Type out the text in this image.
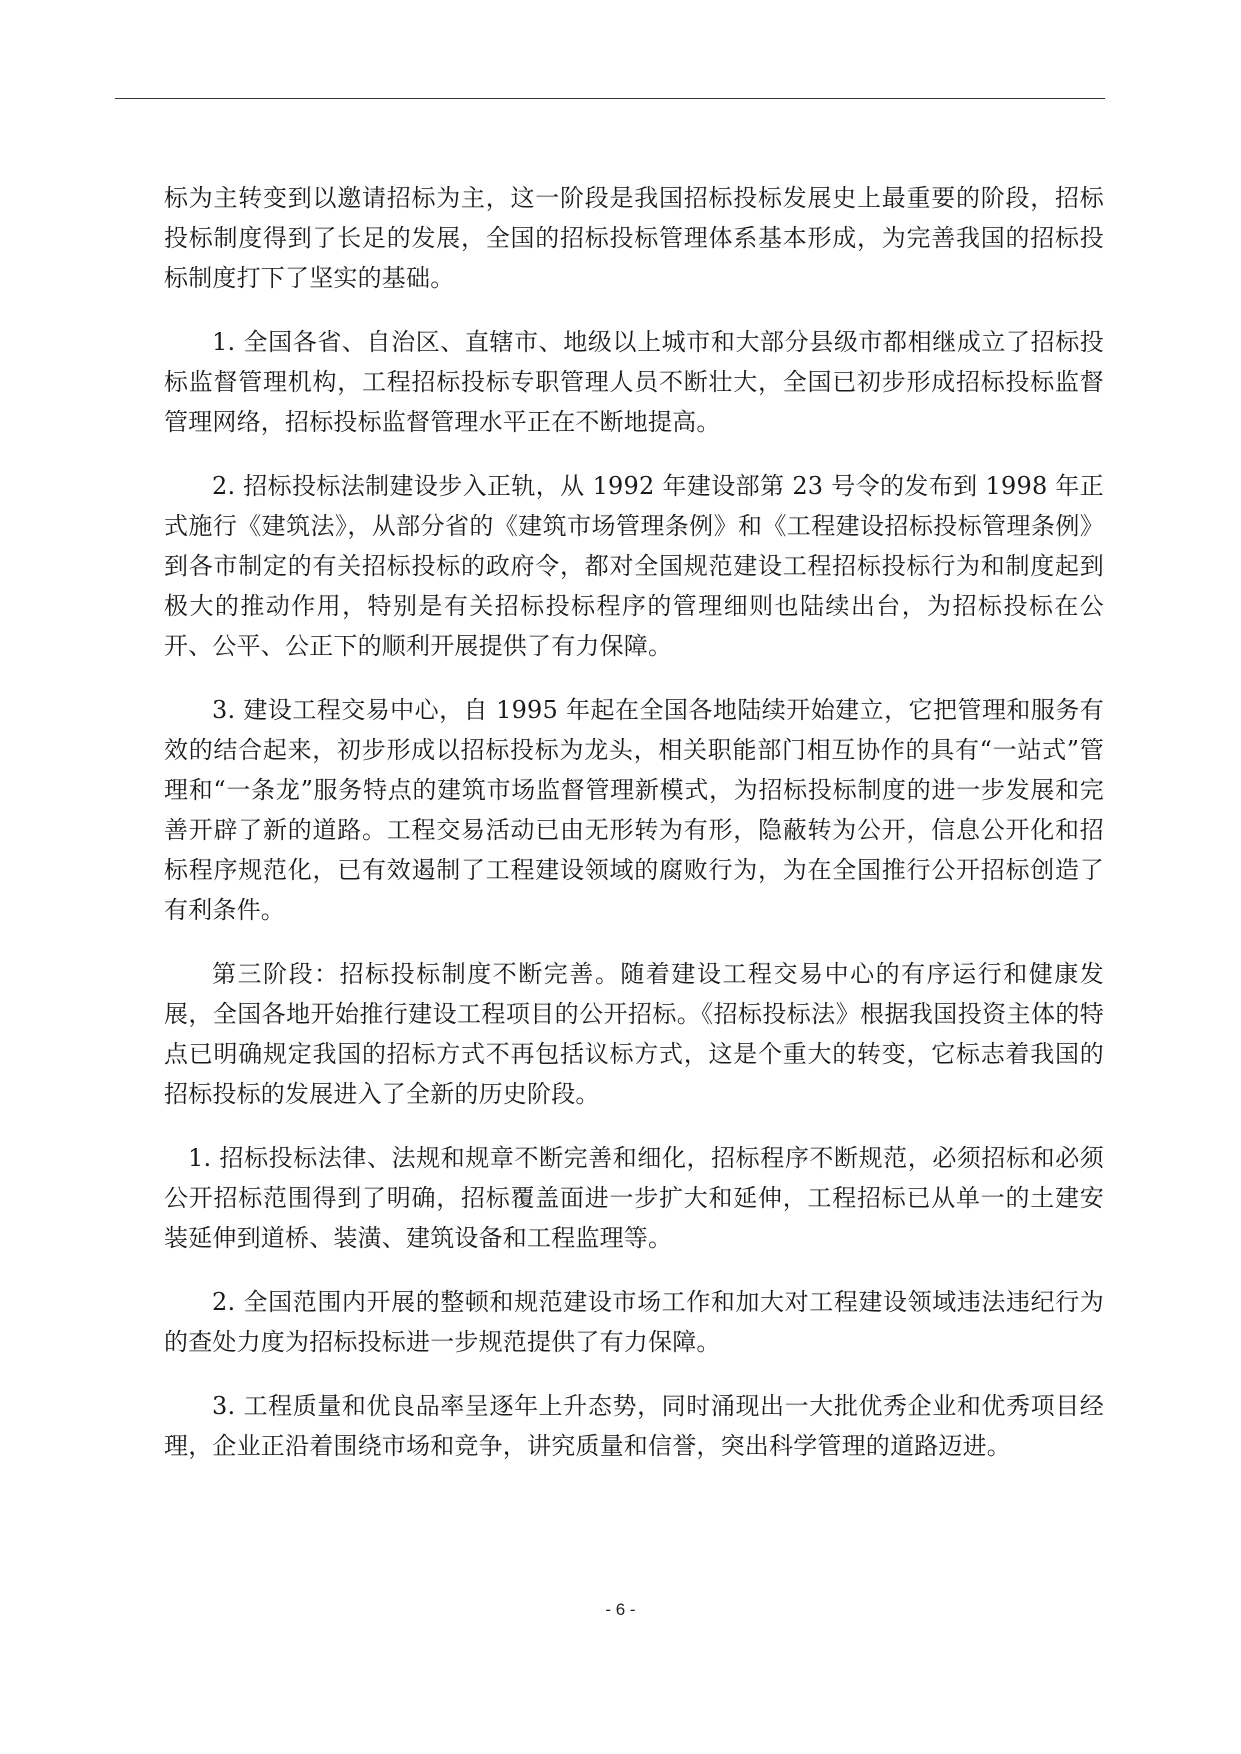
标为主转变到以邀请招标为主，这一阶段是我国招标投标发展史上最重要的阶段，招标投标制度得到了长足的发展，全国的招标投标管理体系基本形成，为完善我国的招标投标制度打下了坚实的基础。

1. 全国各省、自治区、直辖市、地级以上城市和大部分县级市都相继成立了招标投标监督管理机构，工程招标投标专职管理人员不断壮大，全国已初步形成招标投标监督管理网络，招标投标监督管理水平正在不断地提高。

2. 招标投标法制建设步入正轨，从 1992 年建设部第 23 号令的发布到 1998 年正式施行《建筑法》，从部分省的《建筑市场管理条例》和《工程建设招标投标管理条例》到各市制定的有关招标投标的政府令，都对全国规范建设工程招标投标行为和制度起到极大的推动作用，特别是有关招标投标程序的管理细则也陆续出台，为招标投标在公开、公平、公正下的顺利开展提供了有力保障。

3. 建设工程交易中心，自 1995 年起在全国各地陆续开始建立，它把管理和服务有效的结合起来，初步形成以招标投标为龙头，相关职能部门相互协作的具有“一站式”管理和“一条龙”服务特点的建筑市场监督管理新模式，为招标投标制度的进一步发展和完善开辟了新的道路。工程交易活动已由无形转为有形，隐蔽转为公开，信息公开化和招标程序规范化，已有效遏制了工程建设领域的腐败行为，为在全国推行公开招标创造了有利条件。

第三阶段：招标投标制度不断完善。随着建设工程交易中心的有序运行和健康发展，全国各地开始推行建设工程项目的公开招标。《招标投标法》根据我国投资主体的特点已明确规定我国的招标方式不再包括议标方式，这是个重大的转变，它标志着我国的招标投标的发展进入了全新的历史阶段。

1. 招标投标法律、法规和规章不断完善和细化，招标程序不断规范，必须招标和必须公开招标范围得到了明确，招标覆盖面进一步扩大和延伸，工程招标已从单一的土建安装延伸到道桥、装潢、建筑设备和工程监理等。

2. 全国范围内开展的整顿和规范建设市场工作和加大对工程建设领域违法违纪行为的查处力度为招标投标进一步规范提供了有力保障。

3. 工程质量和优良品率呈逐年上升态势，同时涌现出一大批优秀企业和优秀项目经理，企业正沿着围绕市场和竞争，讲究质量和信誉，突出科学管理的道路迈进。

- 6 -
